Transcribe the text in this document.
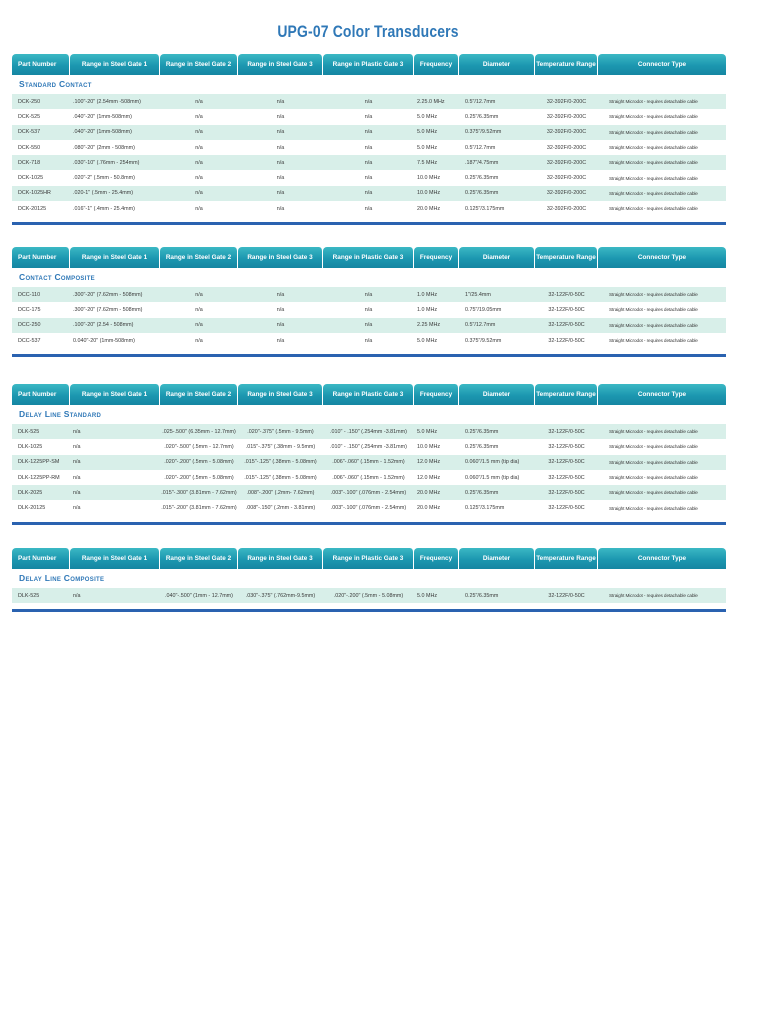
UPG-07 Color Transducers
Part Number	Range in Steel Gate 1	Range in Steel Gate 2	Range in Steel Gate 3	Range in Plastic Gate 3	Frequency	Diameter	Temperature Range	Connector Type
Standard Contact
DCK-250	.100"-20" (2.54mm -508mm)	n/a	n/a	n/a	2.25.0 MHz	0.5"/12.7mm	32-392F/0-200C	Straight Microdot - requires detachable cable
DCK-525	.040"-20" (1mm-508mm)	n/a	n/a	n/a	5.0 MHz	0.25"/6.35mm	32-392F/0-200C	Straight Microdot - requires detachable cable
DCK-537	.040"-20" (1mm-508mm)	n/a	n/a	n/a	5.0 MHz	0.375"/9.52mm	32-392F/0-200C	Straight Microdot - requires detachable cable
DCK-550	.080"-20" (2mm - 508mm)	n/a	n/a	n/a	5.0 MHz	0.5"/12.7mm	32-392F/0-200C	Straight Microdot - requires detachable cable
DCK-718	.030"-10" (.76mm - 254mm)	n/a	n/a	n/a	7.5 MHz	.187"/4.75mm	32-392F/0-200C	Straight Microdot - requires detachable cable
DCK-1025	.020"-2" (.5mm - 50.8mm)	n/a	n/a	n/a	10.0 MHz	0.25"/6.35mm	32-392F/0-200C	Straight Microdot - requires detachable cable
DCK-1025HR	.020-1" (.5mm - 25.4mm)	n/a	n/a	n/a	10.0 MHz	0.25"/6.35mm	32-392F/0-200C	Straight Microdot - requires detachable cable
DCK-20125	.016"-1" (.4mm - 25.4mm)	n/a	n/a	n/a	20.0 MHz	0.125"/3.175mm	32-392F/0-200C	Straight Microdot - requires detachable cable
Part Number	Range in Steel Gate 1	Range in Steel Gate 2	Range in Steel Gate 3	Range in Plastic Gate 3	Frequency	Diameter	Temperature Range	Connector Type
Contact Composite
DCC-110	.300"-20" (7.62mm - 508mm)	n/a	n/a	n/a	1.0 MHz	1"/25.4mm	32-122F/0-50C	Straight Microdot - requires detachable cable
DCC-175	.300"-20" (7.62mm - 508mm)	n/a	n/a	n/a	1.0 MHz	0.75"/19.05mm	32-122F/0-50C	Straight Microdot - requires detachable cable
DCC-250	.100"-20" (2.54 - 508mm)	n/a	n/a	n/a	2.25 MHz	0.5"/12.7mm	32-122F/0-50C	Straight Microdot - requires detachable cable
DCC-537	0.040"-20" (1mm-508mm)	n/a	n/a	n/a	5.0 MHz	0.375"/9.52mm	32-122F/0-50C	Straight Microdot - requires detachable cable
Part Number	Range in Steel Gate 1	Range in Steel Gate 2	Range in Steel Gate 3	Range in Plastic Gate 3	Frequency	Diameter	Temperature Range	Connector Type
Delay Line Standard
DLK-525	n/a	.025-.500" (6.35mm - 12.7mm)	.020"-.375" (.5mm - 9.5mm)	.010" - .150" (.254mm -3.81mm)	5.0 MHz	0.25"/6.35mm	32-122F/0-50C	Straight Microdot - requires detachable cable
DLK-1025	n/a	.020"-.500" (.5mm - 12.7mm)	.015"-.375" (.38mm - 9.5mm)	.010" - .150" (.254mm -3.81mm)	10.0 MHz	0.25"/6.35mm	32-122F/0-50C	Straight Microdot - requires detachable cable
DLK-1225PP-SM	n/a	.020"-.200" (.5mm - 5.08mm)	.015"-.125" (.38mm - 5.08mm)	.006"-.060" (.15mm - 1.52mm)	12.0 MHz	0.060"/1.5 mm (tip dia)	32-122F/0-50C	Straight Microdot - requires detachable cable
DLK-1225PP-RM	n/a	.020"-.200" (.5mm - 5.08mm)	.015"-.125" (.38mm - 5.08mm)	.006"-.060" (.15mm - 1.52mm)	12.0 MHz	0.060"/1.5 mm (tip dia)	32-122F/0-50C	Straight Microdot - requires detachable cable
DLK-2025	n/a	.015"-.300" (3.81mm - 7.62mm)	.008"-.200" (.2mm- 7.62mm)	.003"-.100" (.076mm - 2.54mm)	20.0 MHz	0.25"/6.35mm	32-122F/0-50C	Straight Microdot - requires detachable cable
DLK-20125	n/a	.015"-.200" (3.81mm - 7.62mm)	.008"-.150" (.2mm - 3.81mm)	.003"-.100" (.076mm - 2.54mm)	20.0 MHz	0.125"/3.175mm	32-122F/0-50C	Straight Microdot - requires detachable cable
Part Number	Range in Steel Gate 1	Range in Steel Gate 2	Range in Steel Gate 3	Range in Plastic Gate 3	Frequency	Diameter	Temperature Range	Connector Type
Delay Line Composite
DLK-525	n/a	.040"-.500" (1mm - 12.7mm)	.030"-.375" (.762mm-9.5mm)	.020"-.200" (.5mm - 5.08mm)	5.0 MHz	0.25"/6.35mm	32-122F/0-50C	Straight Microdot - requires detachable cable
